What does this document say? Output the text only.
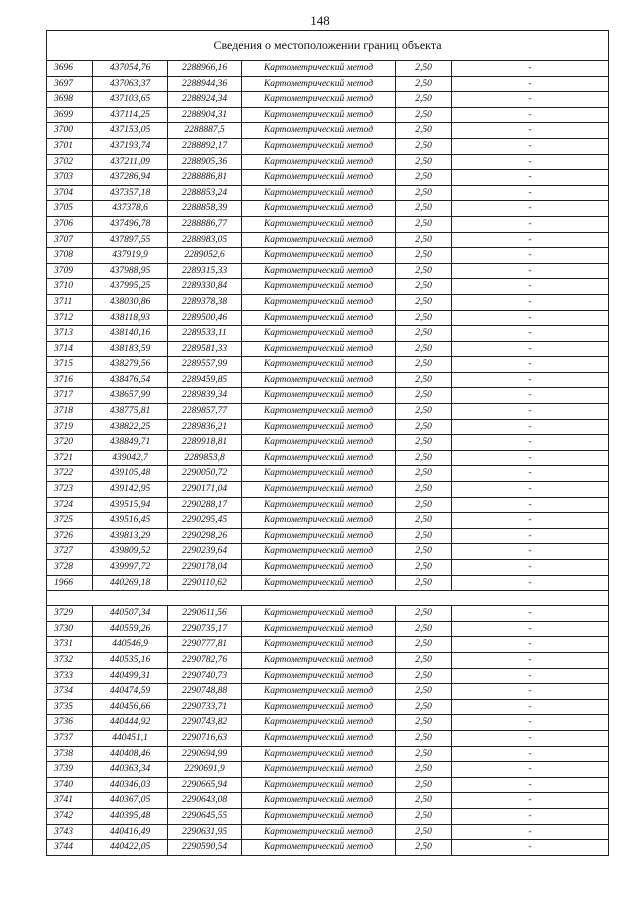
148
Сведения о местоположении границ объекта					
3696	437054,76	2288966,16	Картометрический метод	2,50	-
3697	437063,37	2288944,36	Картометрический метод	2,50	-
3698	437103,65	2288924,34	Картометрический метод	2,50	-
3699	437114,25	2288904,31	Картометрический метод	2,50	-
3700	437153,05	2288887,5	Картометрический метод	2,50	-
3701	437193,74	2288892,17	Картометрический метод	2,50	-
3702	437211,09	2288905,36	Картометрический метод	2,50	-
3703	437286,94	2288886,81	Картометрический метод	2,50	-
3704	437357,18	2288853,24	Картометрический метод	2,50	-
3705	437378,6	2288858,39	Картометрический метод	2,50	-
3706	437496,78	2288886,77	Картометрический метод	2,50	-
3707	437897,55	2288983,05	Картометрический метод	2,50	-
3708	437919,9	2289052,6	Картометрический метод	2,50	-
3709	437988,95	2289315,33	Картометрический метод	2,50	-
3710	437995,25	2289330,84	Картометрический метод	2,50	-
3711	438030,86	2289378,38	Картометрический метод	2,50	-
3712	438118,93	2289500,46	Картометрический метод	2,50	-
3713	438140,16	2289533,11	Картометрический метод	2,50	-
3714	438183,59	2289581,33	Картометрический метод	2,50	-
3715	438279,56	2289557,99	Картометрический метод	2,50	-
3716	438476,54	2289459,85	Картометрический метод	2,50	-
3717	438657,99	2289839,34	Картометрический метод	2,50	-
3718	438775,81	2289857,77	Картометрический метод	2,50	-
3719	438822,25	2289836,21	Картометрический метод	2,50	-
3720	438849,71	2289918,81	Картометрический метод	2,50	-
3721	439042,7	2289853,8	Картометрический метод	2,50	-
3722	439105,48	2290050,72	Картометрический метод	2,50	-
3723	439142,95	2290171,04	Картометрический метод	2,50	-
3724	439515,94	2290288,17	Картометрический метод	2,50	-
3725	439516,45	2290295,45	Картометрический метод	2,50	-
3726	439813,29	2290298,26	Картометрический метод	2,50	-
3727	439809,52	2290239,64	Картометрический метод	2,50	-
3728	439997,72	2290178,04	Картометрический метод	2,50	-
1966	440269,18	2290110,62	Картометрический метод	2,50	-

3729	440507,34	2290611,56	Картометрический метод	2,50	-
3730	440559,26	2290735,17	Картометрический метод	2,50	-
3731	440546,9	2290777,81	Картометрический метод	2,50	-
3732	440535,16	2290782,76	Картометрический метод	2,50	-
3733	440499,31	2290740,73	Картометрический метод	2,50	-
3734	440474,59	2290748,88	Картометрический метод	2,50	-
3735	440456,66	2290733,71	Картометрический метод	2,50	-
3736	440444,92	2290743,82	Картометрический метод	2,50	-
3737	440451,1	2290716,63	Картометрический метод	2,50	-
3738	440408,46	2290694,99	Картометрический метод	2,50	-
3739	440363,34	2290691,9	Картометрический метод	2,50	-
3740	440346,03	2290665,94	Картометрический метод	2,50	-
3741	440367,05	2290643,08	Картометрический метод	2,50	-
3742	440395,48	2290645,55	Картометрический метод	2,50	-
3743	440416,49	2290631,95	Картометрический метод	2,50	-
3744	440422,05	2290590,54	Картометрический метод	2,50	-
